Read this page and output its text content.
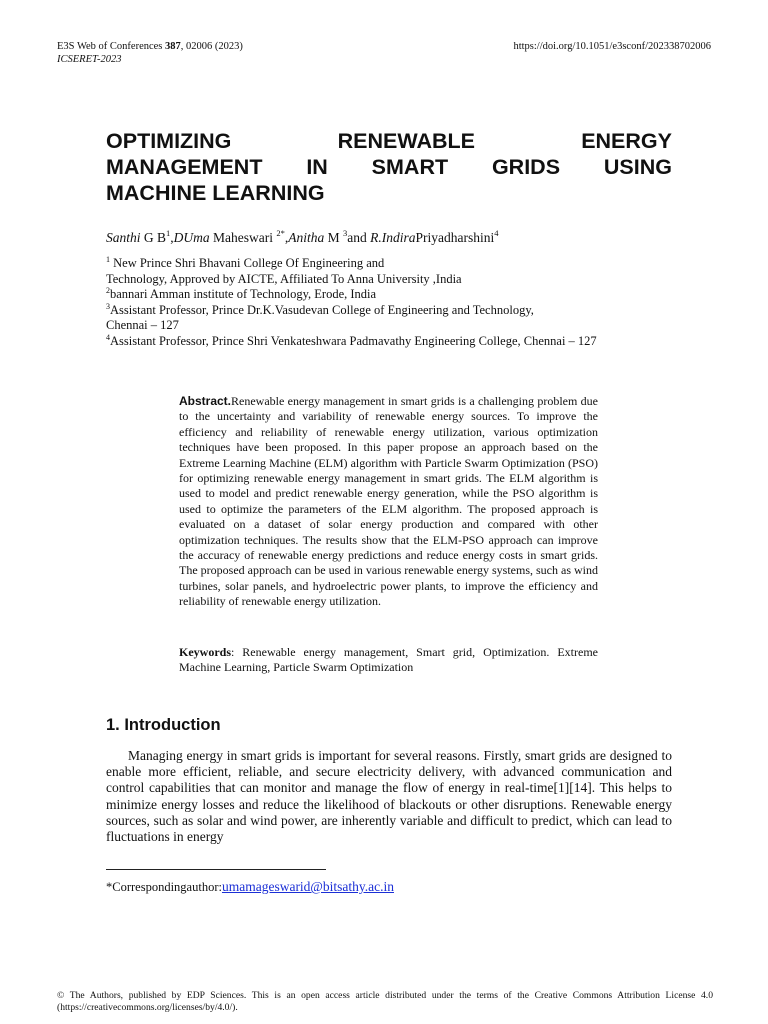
E3S Web of Conferences 387, 02006 (2023)
ICSERET-2023
https://doi.org/10.1051/e3sconf/202338702006
OPTIMIZING RENEWABLE ENERGY
MANAGEMENT IN SMART GRIDS USING
MACHINE LEARNING
Santhi G $B^1,DUma$ Maheswari $^{2*}$,Anitha M $^3$and R.IndiraPriyadharshini$^4$
$^1$ New Prince Shri Bhavani College Of Engineering and
Technology, Approved by AICTE, Affiliated To Anna University ,India
$^2$bannari Amman institute of Technology, Erode, India
$^3$Assistant Professor, Prince Dr.K.Vasudevan College of Engineering and Technology,
Chennai – 127
$^4$Assistant Professor, Prince Shri Venkateshwara Padmavathy Engineering College, Chennai – 127
Abstract.Renewable energy management in smart grids is a challenging problem due to the uncertainty and variability of renewable energy sources. To improve the efficiency and reliability of renewable energy utilization, various optimization techniques have been proposed. In this paper propose an approach based on the Extreme Learning Machine (ELM) algorithm with Particle Swarm Optimization (PSO) for optimizing renewable energy management in smart grids. The ELM algorithm is used to model and predict renewable energy generation, while the PSO algorithm is used to optimize the parameters of the ELM algorithm. The proposed approach is evaluated on a dataset of solar energy production and compared with other optimization techniques. The results show that the ELM-PSO approach can improve the accuracy of renewable energy predictions and reduce energy costs in smart grids. The proposed approach can be used in various renewable energy systems, such as wind turbines, solar panels, and hydroelectric power plants, to improve the efficiency and reliability of renewable energy utilization.
Keywords: Renewable energy management, Smart grid, Optimization. Extreme Machine Learning, Particle Swarm Optimization
1. Introduction

Managing energy in smart grids is important for several reasons. Firstly, smart grids are designed to enable more efficient, reliable, and secure electricity delivery, with advanced communication and control capabilities that can monitor and manage the flow of energy in real-time[1][14]. This helps to minimize energy losses and reduce the likelihood of blackouts or other disruptions. Renewable energy sources, such as solar and wind power, are inherently variable and difficult to predict, which can lead to fluctuations in energy

*Correspondingauthor:umamageswarid@bitsathy.ac.in
© The Authors, published by EDP Sciences. This is an open access article distributed under the terms of the Creative Commons Attribution License 4.0 (https://creativecommons.org/licenses/by/4.0/).
